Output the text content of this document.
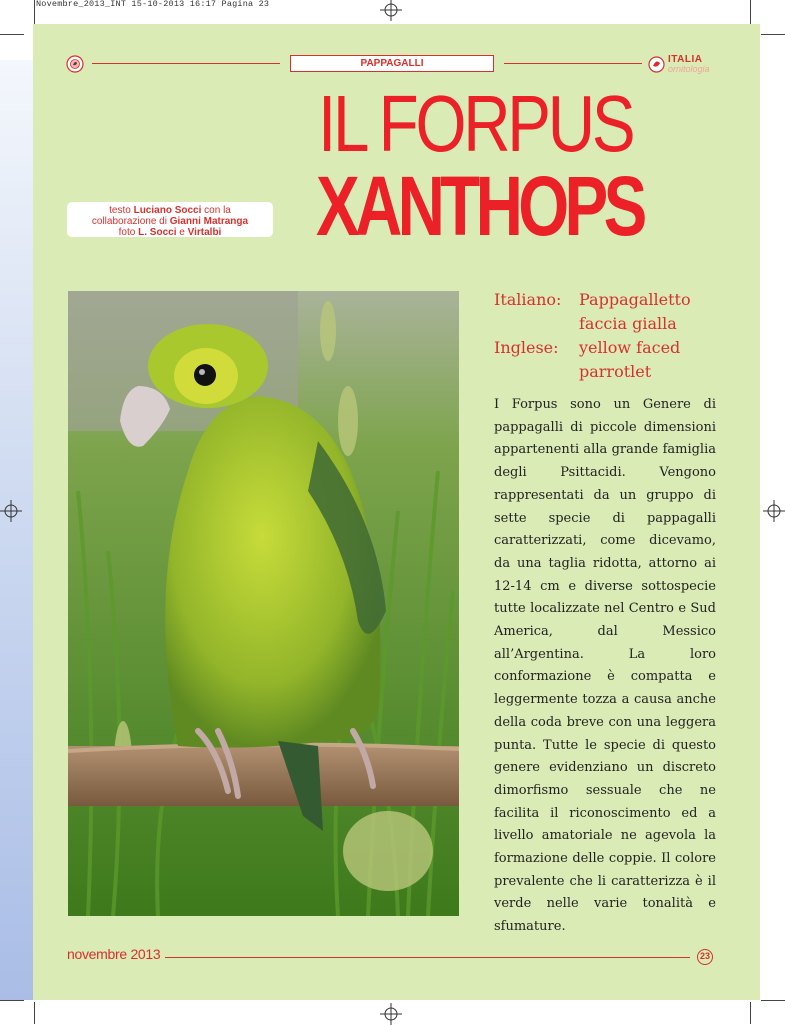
Novembre_2013_INT 15-10-2013 16:17 Pagina 23
PAPPAGALLI	ITALIA
ornitologia
IL FORPUS
XANTHOPS
testo Luciano Socci con la
collaborazione di Gianni Matranga
foto L. Socci e Virtalbi
Italiano:	Pappagalletto faccia gialla
Inglese:	yellow faced parrotlet
I Forpus sono un Genere di pappagalli di piccole dimensioni appartenenti alla grande famiglia degli Psittacidi. Vengono rappresentati da un gruppo di sette specie di pappagalli caratterizzati, come dicevamo, da una taglia ridotta, attorno ai 12-14 cm e diverse sottospecie tutte localizzate nel Centro e Sud America, dal Messico all’Argentina. La loro conformazione è compatta e leggermente tozza a causa anche della coda breve con una leggera punta. Tutte le specie di questo genere evidenziano un discreto dimorfismo sessuale che ne facilita il riconoscimento ed a livello amatoriale ne agevola la formazione delle coppie. Il colore prevalente che li caratterizza è il verde nelle varie tonalità e sfumature.
novembre 2013	23
